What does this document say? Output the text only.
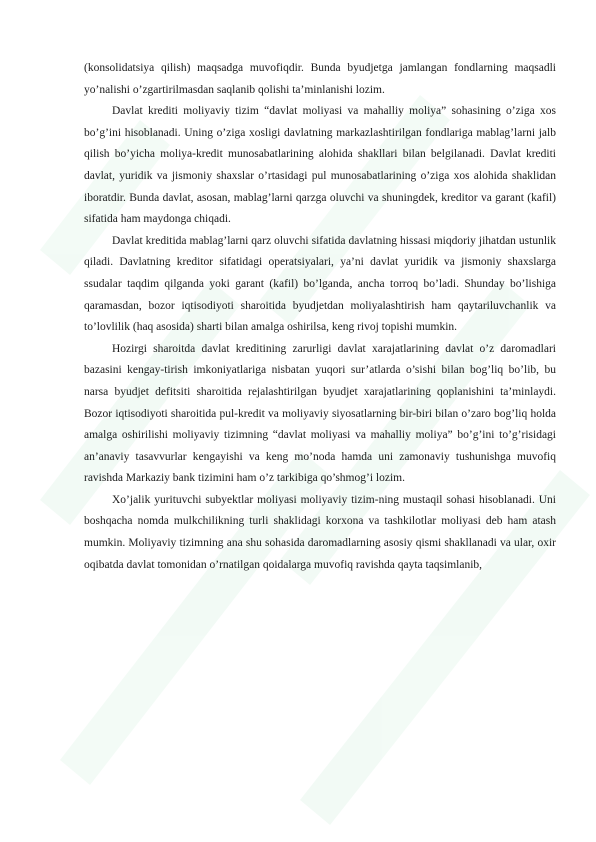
(konsolidatsiya qilish) maqsadga muvofiqdir. Bunda byudjetga jamlangan fondlarning maqsadli yo’nalishi o’zgartirilmasdan saqlanib qolishi ta’minlanishi lozim.

Davlat krediti moliyaviy tizim “davlat moliyasi va mahalliy moliya” sohasining o’ziga xos bo’g’ini hisoblanadi. Uning o’ziga xosligi davlatning markazlashtirilgan fondlariga mablag’larni jalb qilish bo’yicha moliya-kredit munosabatlarining alohida shakllari bilan belgilanadi. Davlat krediti davlat, yuridik va jismoniy shaxslar o’rtasidagi pul munosabatlarining o’ziga xos alohida shaklidan iboratdir. Bunda davlat, asosan, mablag’larni qarzga oluvchi va shuningdek, kreditor va garant (kafil) sifatida ham maydonga chiqadi.

Davlat kreditida mablag’larni qarz oluvchi sifatida davlatning hissasi miqdoriy jihatdan ustunlik qiladi. Davlatning kreditor sifatidagi operatsiyalari, ya’ni davlat yuridik va jismoniy shaxslarga ssudalar taqdim qilganda yoki garant (kafil) bo’lganda, ancha torroq bo’ladi. Shunday bo’lishiga qaramasdan, bozor iqtisodiyoti sharoitida byudjetdan moliyalashtirish ham qaytariluvchanlik va to’lovlilik (haq asosida) sharti bilan amalga oshirilsa, keng rivoj topishi mumkin.

Hozirgi sharoitda davlat kreditining zarurligi davlat xarajatlarining davlat o’z daromadlari bazasini kengay-tirish imkoniyatlariga nisbatan yuqori sur’atlarda o’sishi bilan bog’liq bo’lib, bu narsa byudjet defitsiti sharoitida rejalashtirilgan byudjet xarajatlarining qoplanishini ta’minlaydi. Bozor iqtisodiyoti sharoitida pul-kredit va moliyaviy siyosatlarning bir-biri bilan o’zaro bog’liq holda amalga oshirilishi moliyaviy tizimning “davlat moliyasi va mahalliy moliya” bo’g’ini to’g’risidagi an’anaviy tasavvurlar kengayishi va keng mo’noda hamda uni zamonaviy tushunishga muvofiq ravishda Markaziy bank tizimini ham o’z tarkibiga qo’shmog’i lozim.

Xo’jalik yurituvchi subyektlar moliyasi moliyaviy tizim-ning mustaqil sohasi hisoblanadi. Uni boshqacha nomda mulkchilikning turli shaklidagi korxona va tashkilotlar moliyasi deb ham atash mumkin. Moliyaviy tizimning ana shu sohasida daromadlarning asosiy qismi shakllanadi va ular, oxir oqibatda davlat tomonidan o’rnatilgan qoidalarga muvofiq ravishda qayta taqsimlanib,
